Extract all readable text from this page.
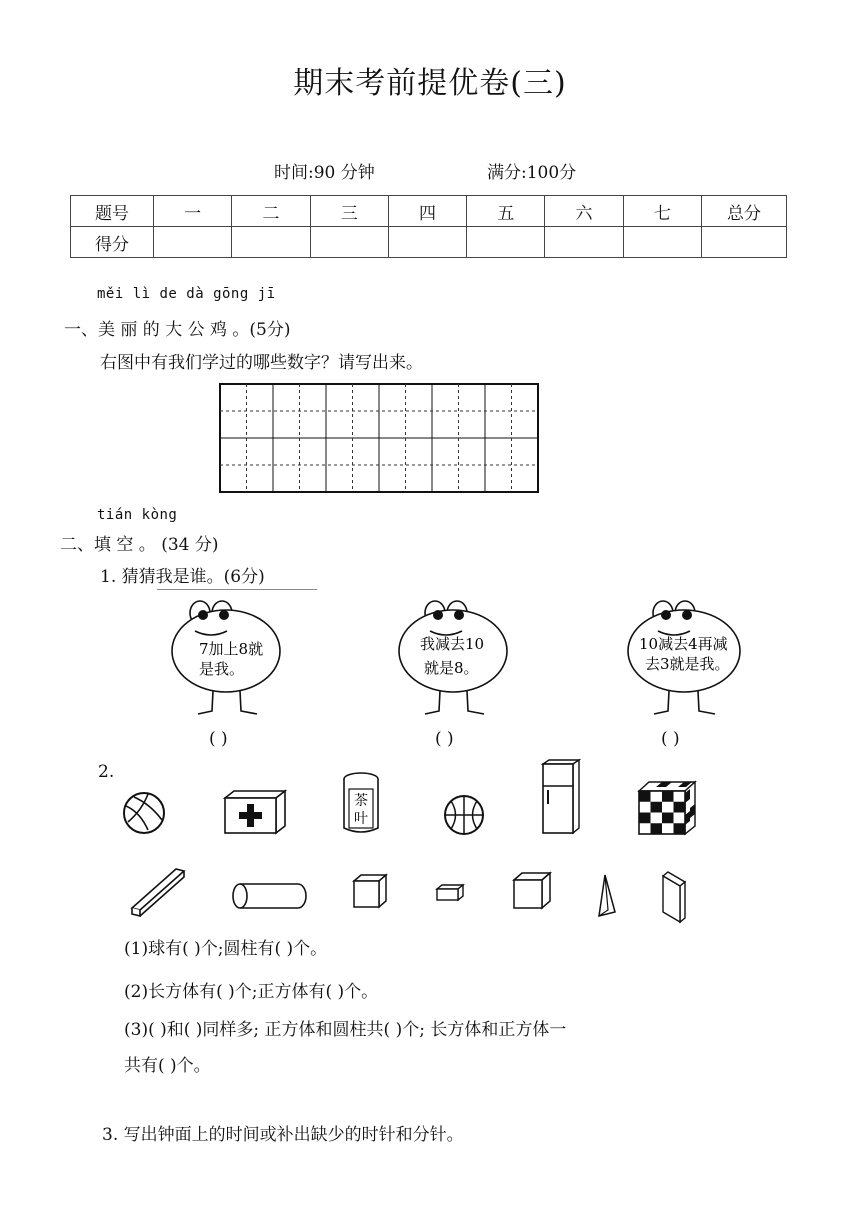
期末考前提优卷(三)
时间:90 分钟	满分:100分
题号	一	二	三	四	五	六	七	总分
得分								
měi lì de dà gōng jī
一、美 丽 的 大 公 鸡 。(5分)
右图中有我们学过的哪些数字？请写出来。
tián kòng
二、填 空 。 (34 分)
1. 猜猜我是谁。(6分)
7加上8就
是我。
我减去10
就是8。
10减去4再减
去3就是我。
( )	( )	( )
2.
茶
叶
(1)球有( )个;圆柱有( )个。
(2)长方体有( )个;正方体有( )个。
(3)( )和( )同样多; 正方体和圆柱共( )个; 长方体和正方体一
共有( )个。
3. 写出钟面上的时间或补出缺少的时针和分针。
